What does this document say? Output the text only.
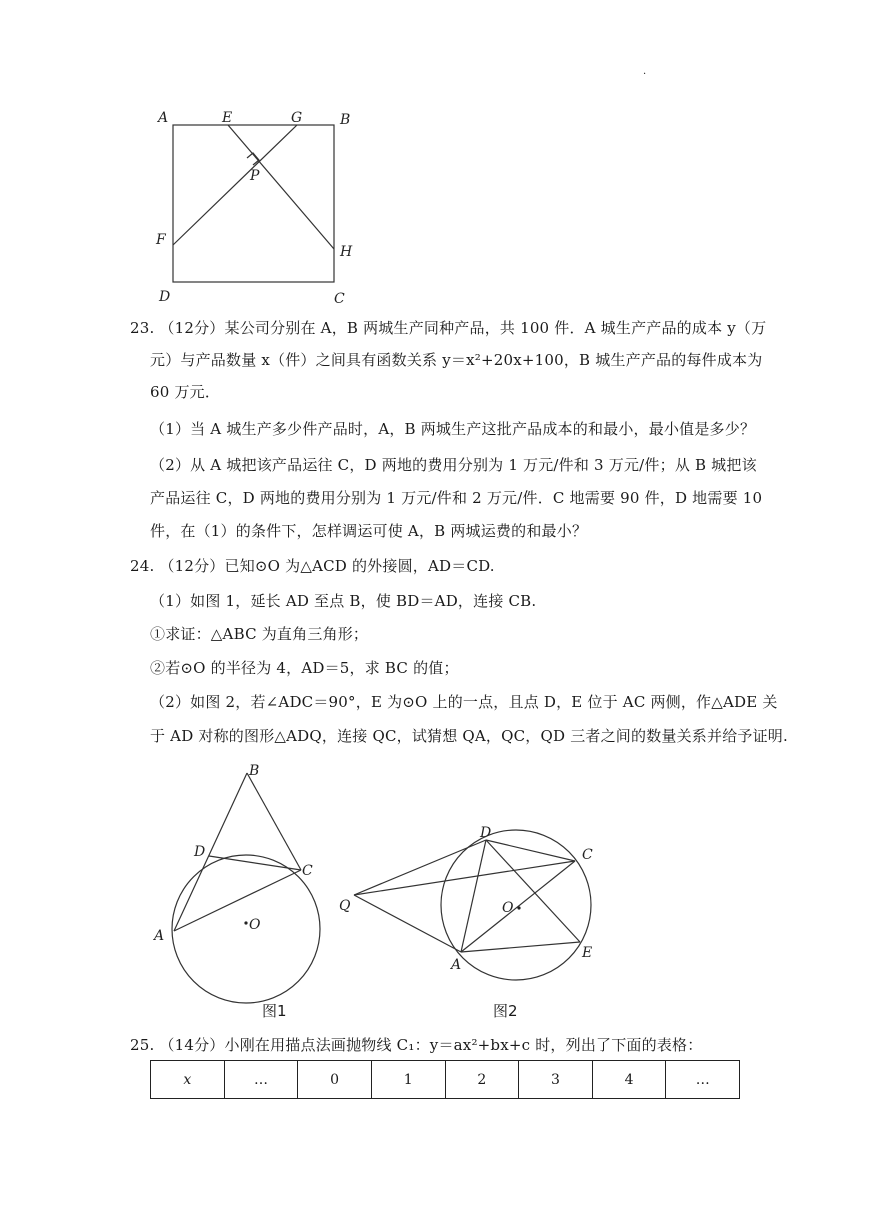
.
A	E	G	B
P
F
H
D	C
23. （12分）某公司分别在 A，B 两城生产同种产品，共 100 件．A 城生产产品的成本 y（万
元）与产品数量 x（件）之间具有函数关系 y＝x²+20x+100，B 城生产产品的每件成本为
60 万元．
（1）当 A 城生产多少件产品时，A，B 两城生产这批产品成本的和最小，最小值是多少？
（2）从 A 城把该产品运往 C，D 两地的费用分别为 1 万元/件和 3 万元/件；从 B 城把该
产品运往 C，D 两地的费用分别为 1 万元/件和 2 万元/件．C 地需要 90 件，D 地需要 10
件，在（1）的条件下，怎样调运可使 A，B 两城运费的和最小？
24. （12分）已知⊙O 为△ACD 的外接圆，AD＝CD.
（1）如图 1，延长 AD 至点 B，使 BD＝AD，连接 CB.
①求证：△ABC 为直角三角形；
②若⊙O 的半径为 4，AD＝5，求 BC 的值；
（2）如图 2，若∠ADC＝90°，E 为⊙O 上的一点，且点 D，E 位于 AC 两侧，作△ADE 关
于 AD 对称的图形△ADQ，连接 QC，试猜想 QA，QC，QD 三者之间的数量关系并给予证明.
B
D
C
A
O
图1
D
C
Q	O
A
E
图2
25. （14分）小刚在用描点法画抛物线 C₁：y＝ax²+bx+c 时，列出了下面的表格：
x	…	0	1	2	3	4	…
